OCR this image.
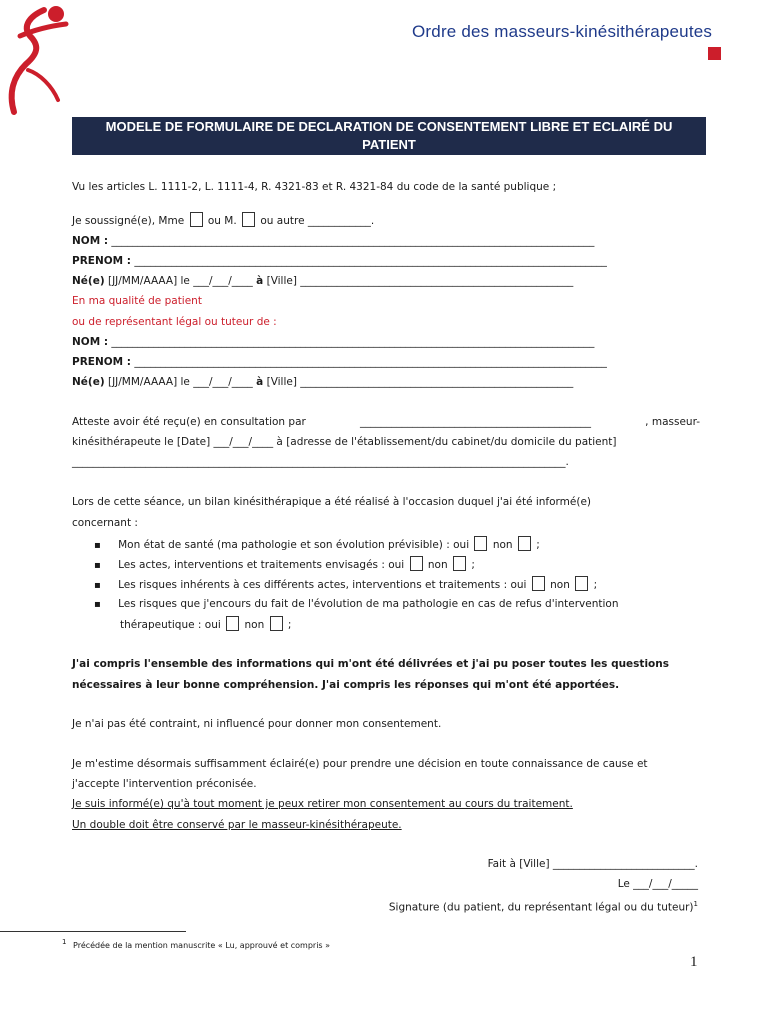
Ordre des masseurs-kinésithérapeutes
MODELE DE FORMULAIRE DE DECLARATION DE CONSENTEMENT LIBRE ET ECLAIRÉ DU
PATIENT
Vu les articles L. 1111-2, L. 1111-4, R. 4321-83 et R. 4321-84 du code de la santé publique ;
Je soussigné(e), Mme ou M. ou autre ____________.
NOM : ____________________________________________________________________________________________
PRENOM : __________________________________________________________________________________________
Né(e) [JJ/MM/AAAA] le ___/___/____ à [Ville] ____________________________________________________
En ma qualité de patient
ou de représentant légal ou tuteur de :
NOM : ____________________________________________________________________________________________
PRENOM : __________________________________________________________________________________________
Né(e) [JJ/MM/AAAA] le ___/___/____ à [Ville] ____________________________________________________
Atteste avoir été reçu(e) en consultation par	____________________________________________	, masseur-
kinésithérapeute le [Date] ___/___/____ à [adresse de l'établissement/du cabinet/du domicile du patient]
______________________________________________________________________________________________.
Lors de cette séance, un bilan kinésithérapique a été réalisé à l'occasion duquel j'ai été informé(e)
concernant :
▪ Mon état de santé (ma pathologie et son évolution prévisible) : oui non ;
▪ Les actes, interventions et traitements envisagés : oui non ;
▪ Les risques inhérents à ces différents actes, interventions et traitements : oui non ;
▪ Les risques que j'encours du fait de l'évolution de ma pathologie en cas de refus d'intervention
thérapeutique : oui non ;
J'ai compris l'ensemble des informations qui m'ont été délivrées et j'ai pu poser toutes les questions
nécessaires à leur bonne compréhension. J'ai compris les réponses qui m'ont été apportées.
Je n'ai pas été contraint, ni influencé pour donner mon consentement.
Je m'estime désormais suffisamment éclairé(e) pour prendre une décision en toute connaissance de cause et
j'accepte l'intervention préconisée.
Je suis informé(e) qu'à tout moment je peux retirer mon consentement au cours du traitement.
Un double doit être conservé par le masseur-kinésithérapeute.
Fait à [Ville] ___________________________.
Le ___/___/_____
Signature (du patient, du représentant légal ou du tuteur)$^1$
$^1$ Précédée de la mention manuscrite « Lu, approuvé et compris »
1
